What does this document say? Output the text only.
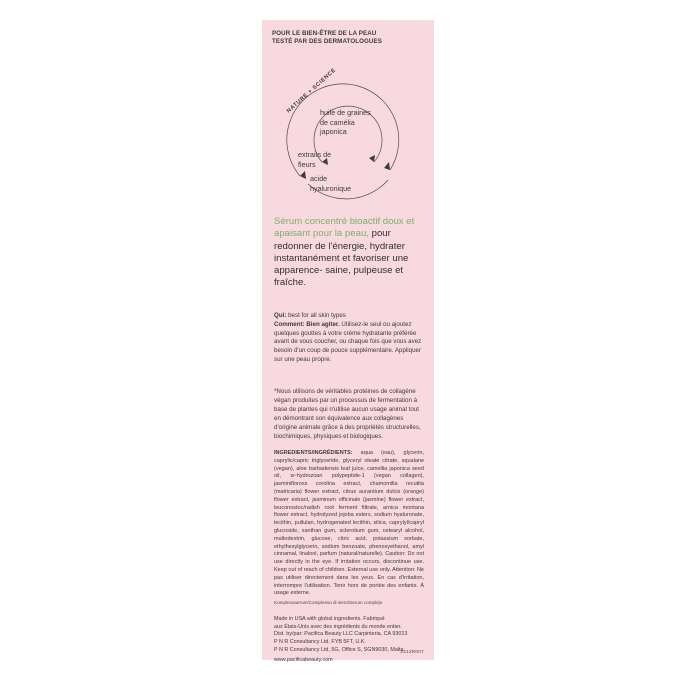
POUR LE BIEN-ÊTRE DE LA PEAU
TESTÉ PAR DES DERMATOLOGUES
NATURE + SCIENCE
huile de graines
de camélia
japonica
extraits de
fleurs
acide
hyaluronique
Sérum concentré bioactif doux et apaisant pour la peau, pour redonner de l'énergie, hydrater instantanément et favoriser une apparence- saine, pulpeuse et fraîche.
Qui: best for all skin types
Comment: Bien agiter. Utilisez-le seul ou ajoutez quelques gouttes à votre crème hydratante préférée avant de vous coucher, ou chaque fois que vous avez besoin d'un coup de pouce supplémentaire. Appliquer sur une peau propre.
*Nous utilisons de véritables protéines de collagène végan produites par un processus de fermentation à base de plantes qui n'utilise aucun usage animal tout en démontrant son équivalence aux collagènes d'origine animale grâce à des propriétés structurelles, biochimiques, physiques et biologiques.
INGREDIENTS/INGRÉDIENTS: aqua (eau), glycerin, caprylic/capric triglyceride, glyceryl oleate citrate, squalane (vegan), aloe barbadensis leaf juice, camellia japonica seed oil, sr-hydrozoan polypeptide-1 (vegan collagen), jasminifloross corolina extract, chamomilla recutita (matricaria) flower extract, citrus aurantium dulcis (orange) flower extract, jasminum officinale (jasmine) flower extract, leuconostoc/radish root ferment filtrate, arnica montana flower extract, hydrolyzed jojoba esters, sodium hyaluronate, lecithin, pullulan, hydrogenated lecithin, silica, caprylyl/capryl glucoside, xanthan gum, sclerotium gum, cetearyl alcohol, maltodextrin, glucose, citric acid, potassium sorbate, ethylhexylglycerin, sodium benzoate, phenoxyethanol, amyl cinnamal, linalool, parfum (natural/naturelle). Caution: Do not use directly in the eye. If irritation occurs, discontinue use. Keep out of reach of children. External use only. Attention: Ne pas utiliser directement dans les yeux. En cas d'irritation, interrompre l'utilisation. Tenir hors de portée des enfants. À usage externe.
Komplexoaerum/Complesso di siero/Serum complejo
Made in USA with global ingredients. Fabriqué
aux États-Unis avec des ingrédients du monde entier.
Dist. by/par: Pacifica Beauty LLC Carpinteria, CA 93013
P N R Consultancy Ltd, FYB 5FT, U.K.
P N R Consultancy Ltd, 5G, Office S, SGN9030, Malta
www.pacificabeauty.com
2412R007
